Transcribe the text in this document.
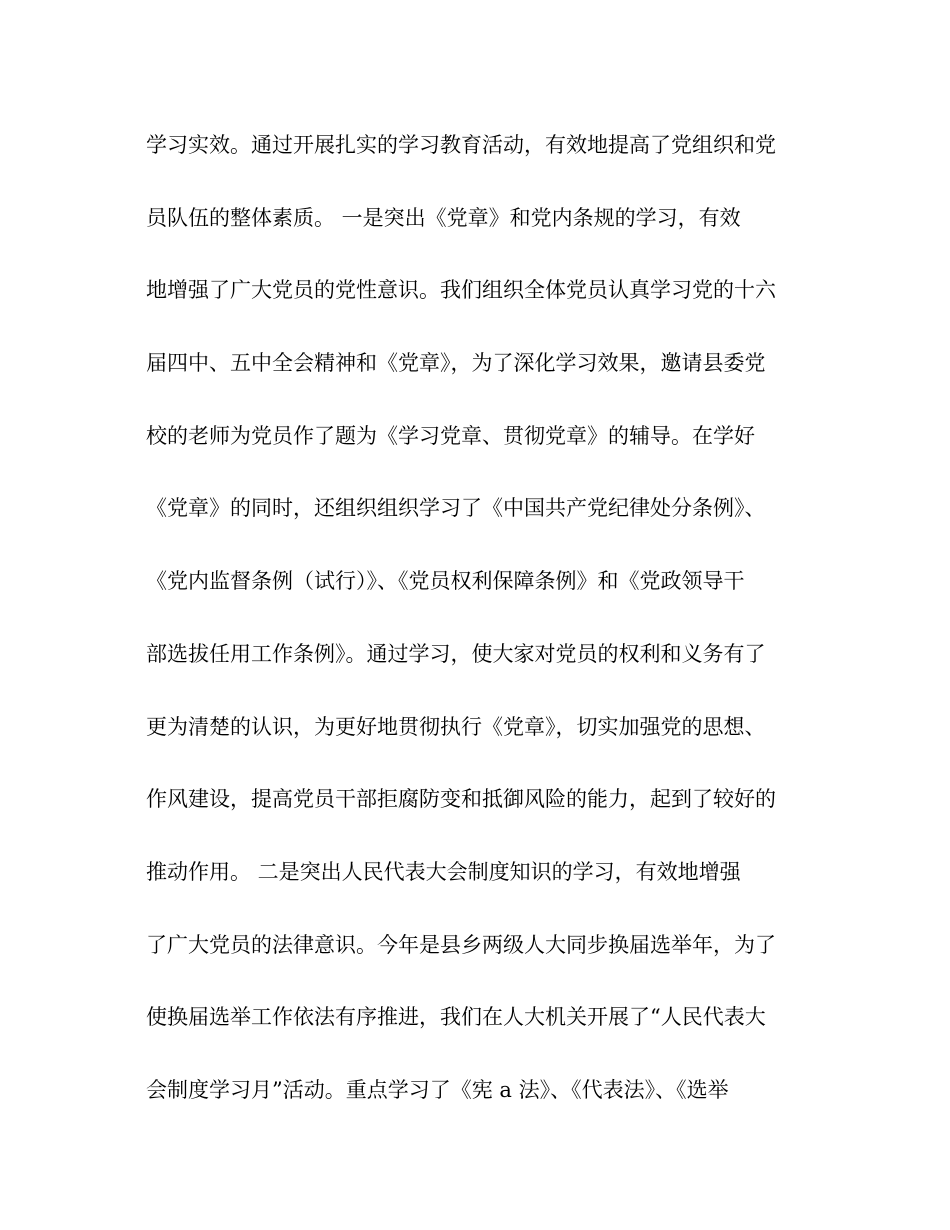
学习实效。通过开展扎实的学习教育活动，有效地提高了党组织和党
员队伍的整体素质。 一是突出《党章》和党内条规的学习，有效
地增强了广大党员的党性意识。我们组织全体党员认真学习党的十六
届四中、五中全会精神和《党章》，为了深化学习效果，邀请县委党
校的老师为党员作了题为《学习党章、贯彻党章》的辅导。在学好
《党章》的同时，还组织组织学习了《中国共产党纪律处分条例》、
《党内监督条例（试行）》、《党员权利保障条例》和《党政领导干
部选拔任用工作条例》。通过学习，使大家对党员的权利和义务有了
更为清楚的认识，为更好地贯彻执行《党章》，切实加强党的思想、
作风建设，提高党员干部拒腐防变和抵御风险的能力，起到了较好的
推动作用。 二是突出人民代表大会制度知识的学习，有效地增强
了广大党员的法律意识。今年是县乡两级人大同步换届选举年，为了
使换届选举工作依法有序推进，我们在人大机关开展了“人民代表大
会制度学习月”活动。重点学习了《宪 a 法》、《代表法》、《选举
